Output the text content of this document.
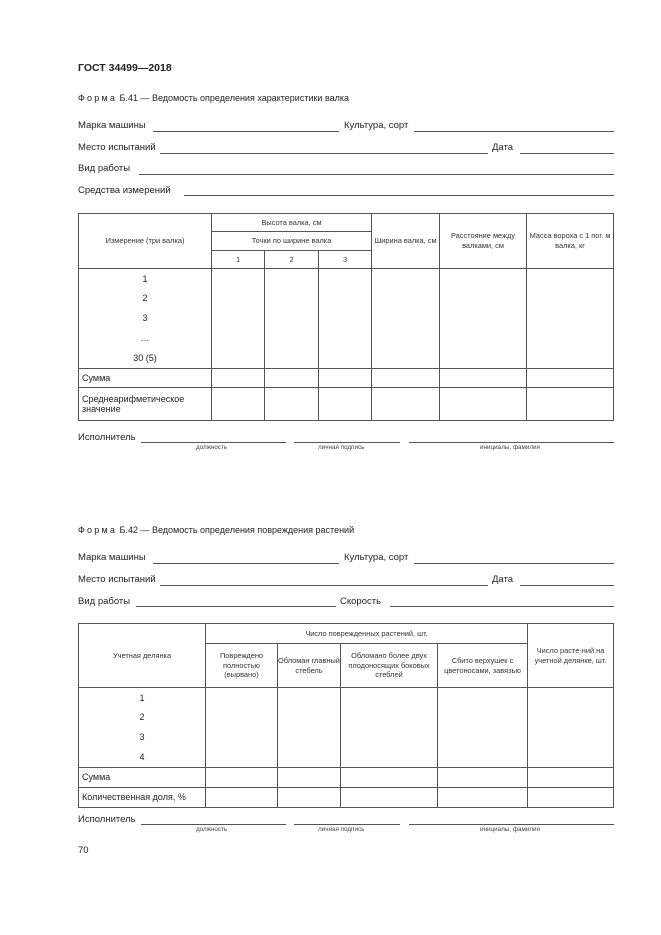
ГОСТ 34499—2018
Форма Б.41 — Ведомость определения характеристики валка
Марка машины	Культура, сорт
Место испытаний	Дата
Вид работы
Средства измерений
Измерение (три валка)	Высота валка, см			Ширина валка, см	Расстояние между валками, см	Масса вороха с 1 пог. м валка, кг
	Точки по ширине валка					
	1	2	3			
1						
2						
3						
…						
30 (5)						
Сумма						
Среднеарифметическое значение						
Исполнитель
должность	личная подпись	инициалы, фамилия
Форма Б.42 — Ведомость определения повреждения растений
Марка машины	Культура, сорт
Место испытаний	Дата
Вид работы	Скорость
Учетная делянка	Число поврежденных растений, шт.				Число расте-ний на учетной делянке, шт.
	Повреждено полностью (вырвано)	Обломан главный стебель	Обломано более двух плодоносящих боковых стеблей	Сбито верхушек с цветоносами, завязью	
1					
2					
3					
4					
Сумма					
Количественная доля, %					
Исполнитель
должность	личная подпись	инициалы, фамилия
70
